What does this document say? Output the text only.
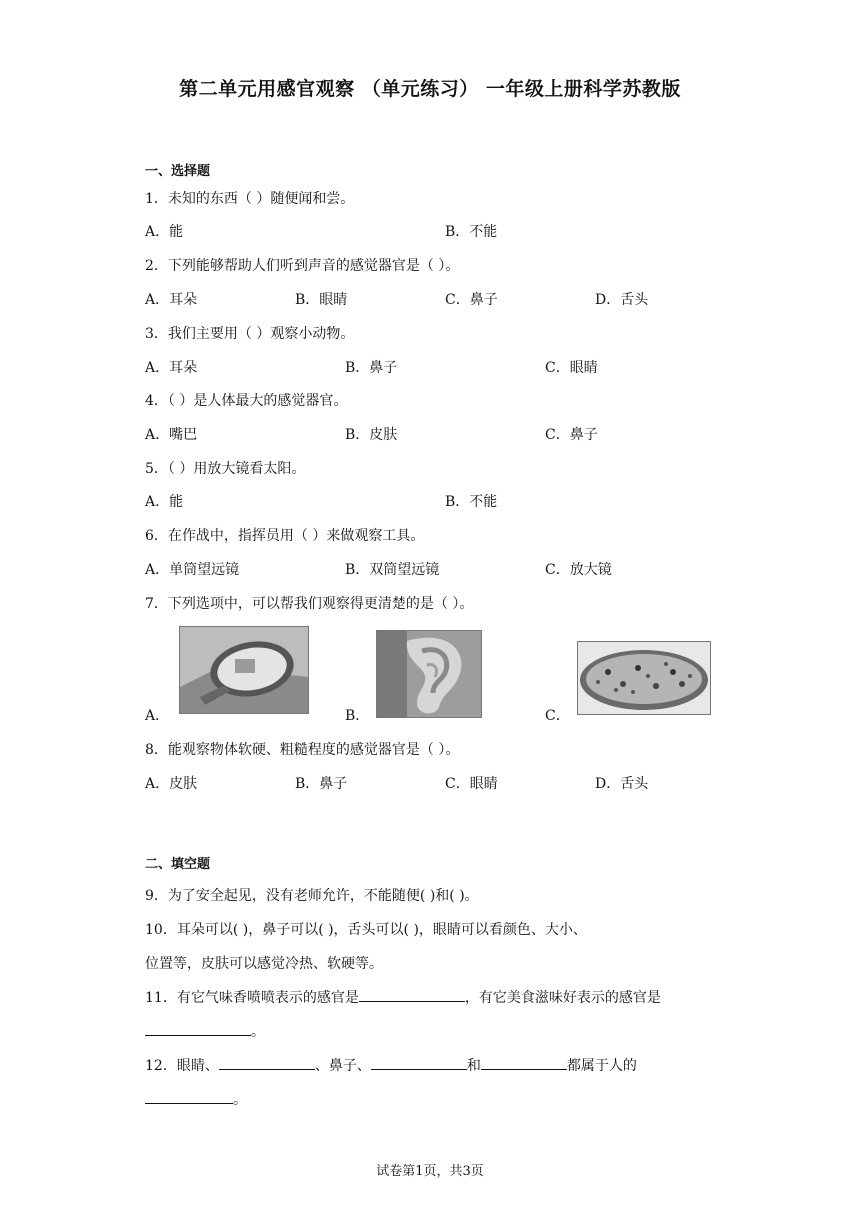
第二单元用感官观察 （单元练习） 一年级上册科学苏教版
一、选择题
1．未知的东西（ ）随便闻和尝。
A．能	B．不能
2．下列能够帮助人们听到声音的感觉器官是（ ）。
A．耳朵	B．眼睛	C．鼻子	D．舌头
3．我们主要用（ ）观察小动物。
A．耳朵	B．鼻子	C．眼睛
4．（ ）是人体最大的感觉器官。
A．嘴巴	B．皮肤	C．鼻子
5．（ ）用放大镜看太阳。
A．能	B．不能
6．在作战中，指挥员用（ ）来做观察工具。
A．单筒望远镜	B．双筒望远镜	C．放大镜
7．下列选项中，可以帮我们观察得更清楚的是（ ）。
A．	B．	C．
8．能观察物体软硬、粗糙程度的感觉器官是（ ）。
A．皮肤	B．鼻子	C．眼睛	D．舌头
二、填空题
9．为了安全起见，没有老师允许，不能随便( )和( )。
10．耳朵可以( )，鼻子可以( )，舌头可以( )，眼睛可以看颜色、大小、
位置等，皮肤可以感觉冷热、软硬等。
11．有它气味香喷喷表示的感官是	，有它美食滋味好表示的感官是
。
12．眼睛、	、鼻子、	和	都属于人的
。
试卷第1页，共3页
